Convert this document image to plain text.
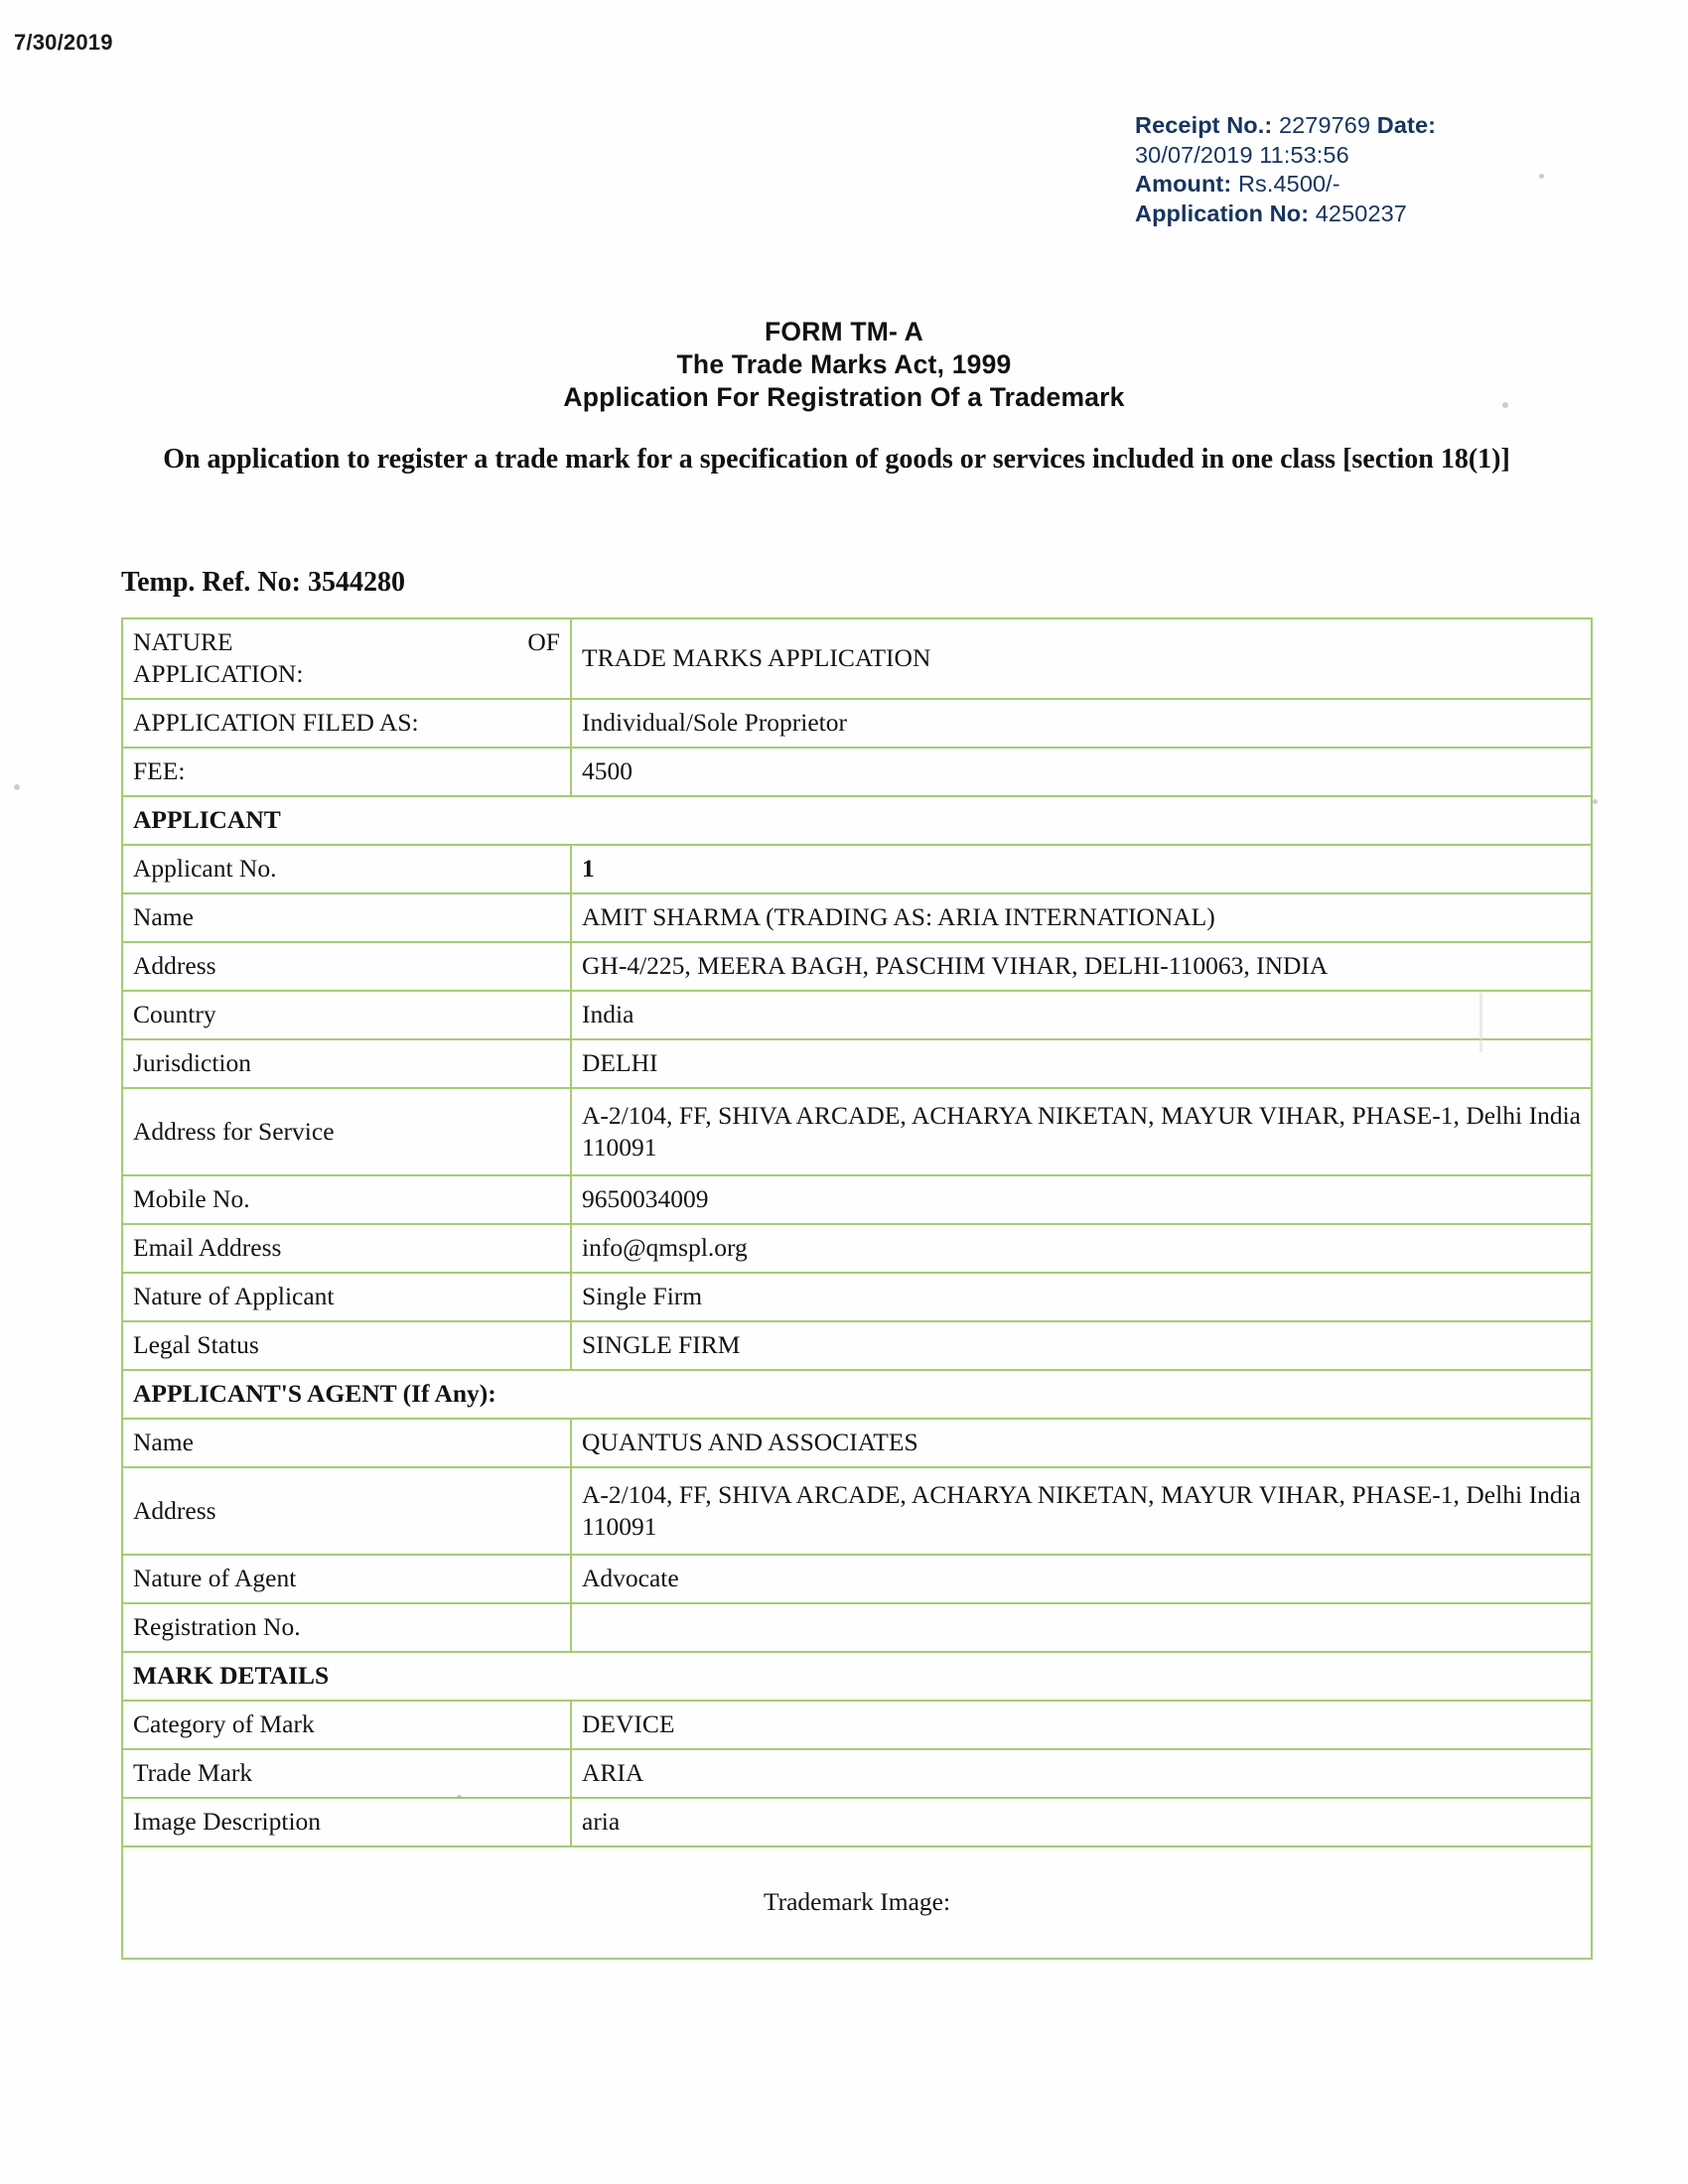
7/30/2019
Receipt No.: 2279769 Date: 30/07/2019 11:53:56
Amount: Rs.4500/-
Application No: 4250237
FORM TM- A
The Trade Marks Act, 1999
Application For Registration Of a Trademark
On application to register a trade mark for a specification of goods or services included in one class [section 18(1)]
Temp. Ref. No: 3544280
NATURE OF
APPLICATION:	TRADE MARKS APPLICATION
APPLICATION FILED AS:	Individual/Sole Proprietor
FEE:	4500
APPLICANT	
Applicant No.	1
Name	AMIT SHARMA (TRADING AS: ARIA INTERNATIONAL)
Address	GH-4/225, MEERA BAGH, PASCHIM VIHAR, DELHI-110063, INDIA
Country	India
Jurisdiction	DELHI
Address for Service	A-2/104, FF, SHIVA ARCADE, ACHARYA NIKETAN, MAYUR VIHAR, PHASE-1, Delhi India 110091
Mobile No.	9650034009
Email Address	info@qmspl.org
Nature of Applicant	Single Firm
Legal Status	SINGLE FIRM
APPLICANT'S AGENT (If Any):	
Name	QUANTUS AND ASSOCIATES
Address	A-2/104, FF, SHIVA ARCADE, ACHARYA NIKETAN, MAYUR VIHAR, PHASE-1, Delhi India 110091
Nature of Agent	Advocate
Registration No.	
MARK DETAILS	
Category of Mark	DEVICE
Trade Mark	ARIA
Image Description	aria
Trademark Image:	
